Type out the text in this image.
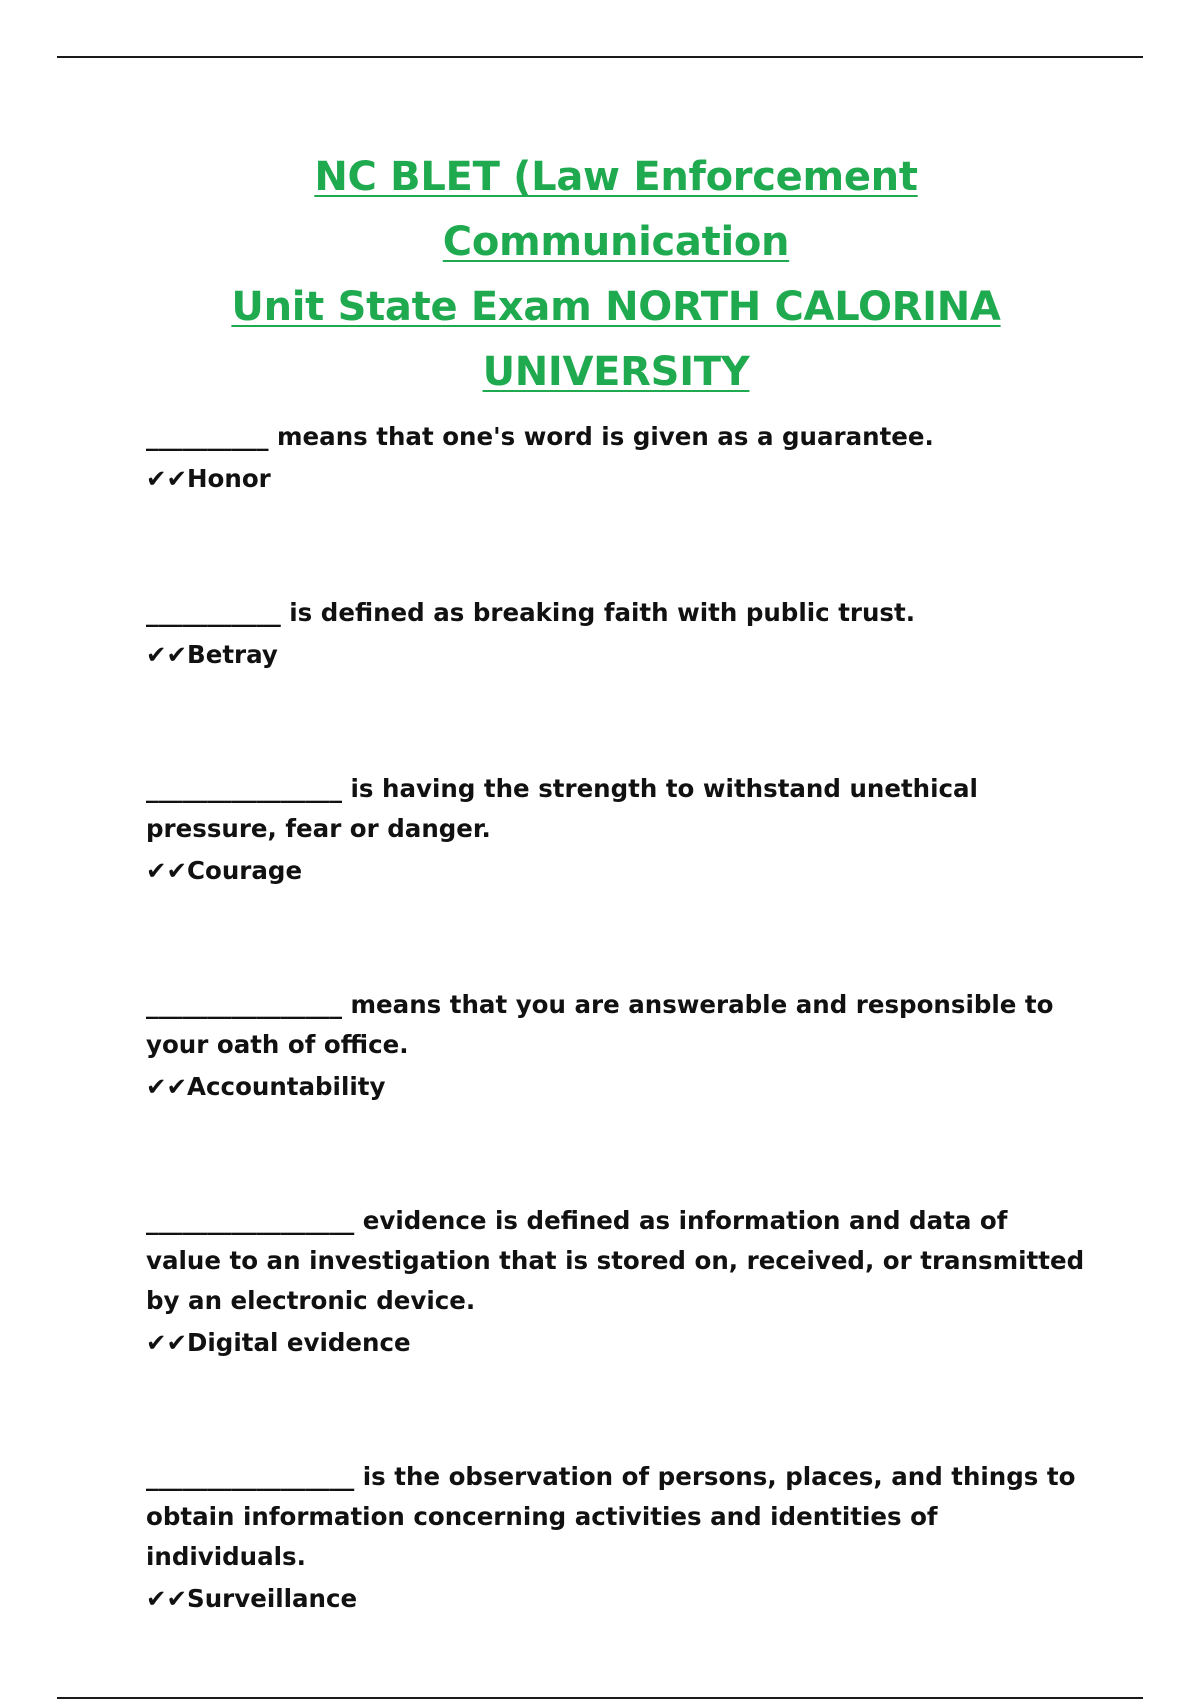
NC BLET (Law Enforcement Communication
Unit State Exam NORTH CALORINA
UNIVERSITY

__________ means that one's word is given as a guarantee.

✔✔Honor

___________ is defined as breaking faith with public trust.

✔✔Betray

________________ is having the strength to withstand unethical pressure, fear or danger.

✔✔Courage

________________ means that you are answerable and responsible to your oath of office.

✔✔Accountability

_________________ evidence is defined as information and data of value to an investigation that is stored on, received, or transmitted by an electronic device.

✔✔Digital evidence

_________________ is the observation of persons, places, and things to obtain information concerning activities and identities of individuals.

✔✔Surveillance
